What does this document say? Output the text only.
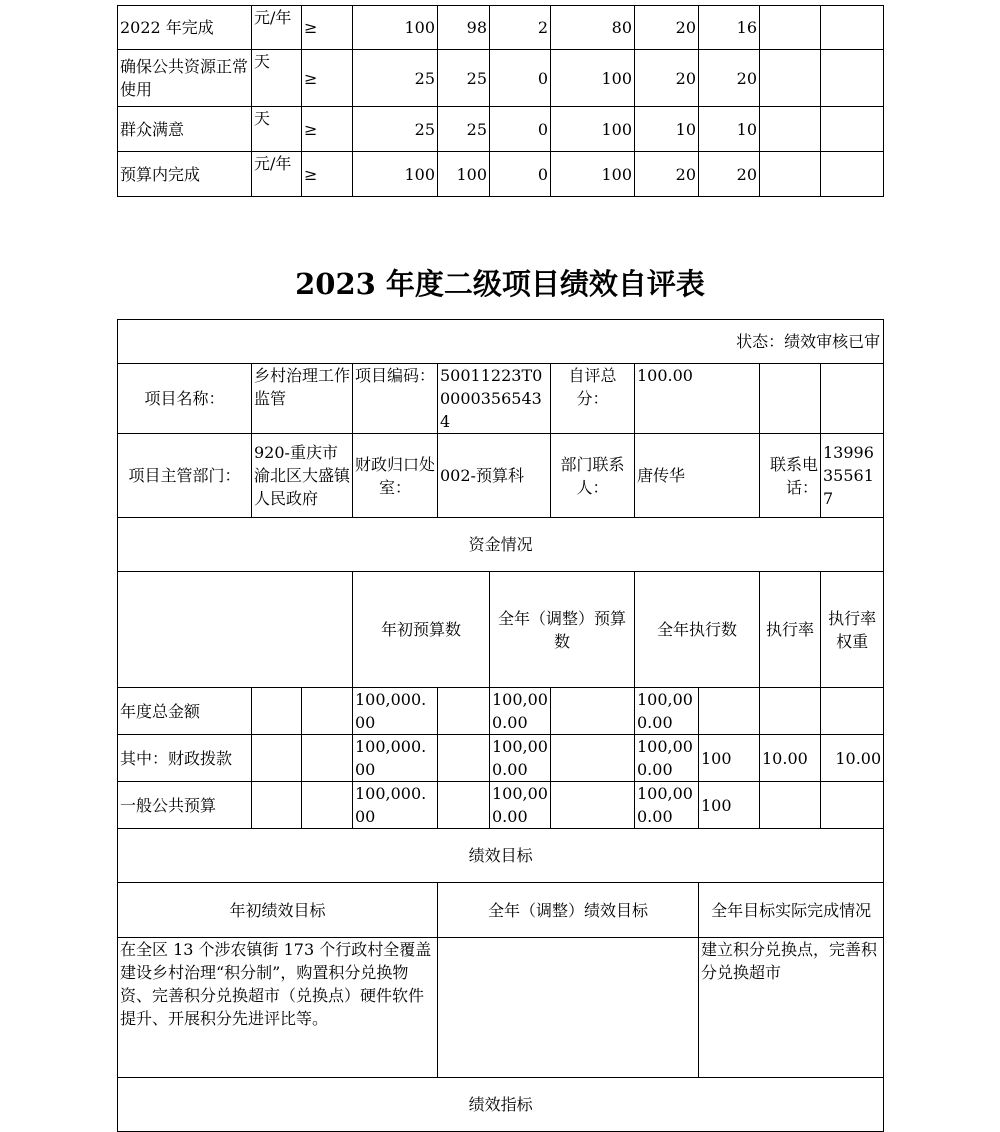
2022 年完成	元/年	≥	100	98	2	80	20	16		
确保公共资源正常使用	天	≥	25	25	0	100	20	20		
群众满意	天	≥	25	25	0	100	10	10		
预算内完成	元/年	≥	100	100	0	100	20	20		
2023 年度二级项目绩效自评表
状态：绩效审核已审											
项目名称：	乡村治理工作监管		项目编码：	50011223T000003565434		自评总分：	100.00				
项目主管部门：	920-重庆市渝北区大盛镇人民政府		财政归口处室：	002-预算科		部门联系人：	唐传华		联系电话：	13996355617	
资金情况											
			年初预算数		全年（调整）预算数		全年执行数		执行率	执行率权重	
年度总金额			100,000.00		100,000.00		100,000.00				
其中：财政拨款			100,000.00		100,000.00		100,000.00	100	10.00	10.00	
一般公共预算			100,000.00		100,000.00		100,000.00	100			
绩效目标											
年初绩效目标				全年（调整）绩效目标				全年目标实际完成情况			
在全区 13 个涉农镇街 173 个行政村全覆盖建设乡村治理“积分制”，购置积分兑换物资、完善积分兑换超市（兑换点）硬件软件提升、开展积分先进评比等。								建立积分兑换点，完善积分兑换超市			
绩效指标											
